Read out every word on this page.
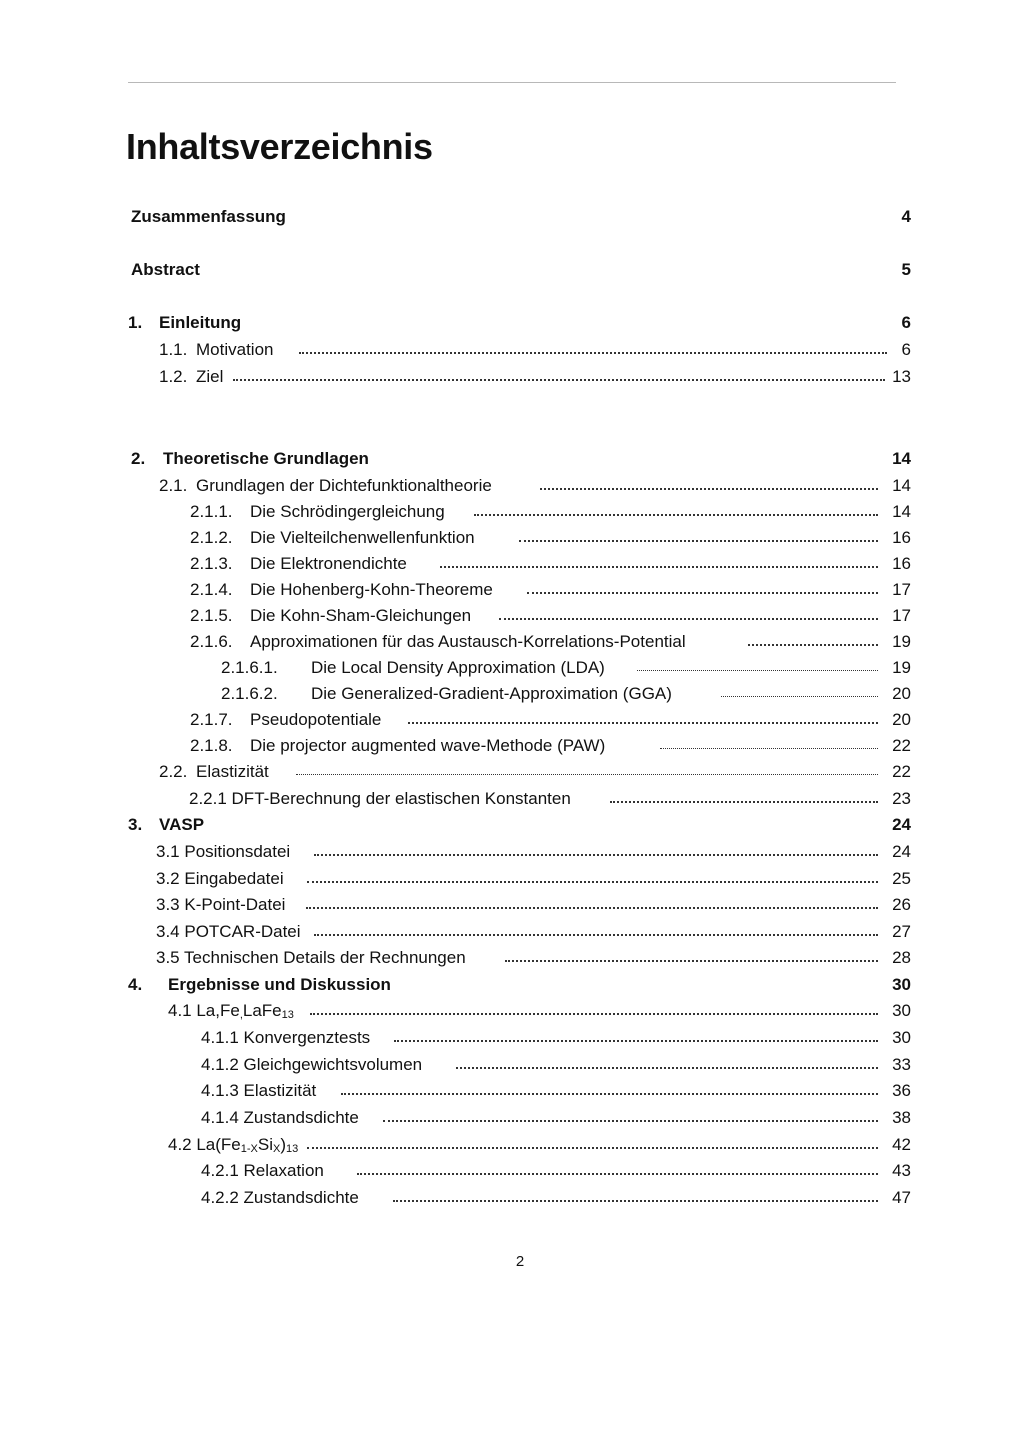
Inhaltsverzeichnis
Zusammenfassung	4
Abstract	5
1. Einleitung	6
1.1. Motivation	6
1.2. Ziel	13
2. Theoretische Grundlagen	14
2.1. Grundlagen der Dichtefunktionaltheorie	14
2.1.1. Die Schrödingergleichung	14
2.1.2. Die Vielteilchenwellenfunktion	16
2.1.3. Die Elektronendichte	16
2.1.4. Die Hohenberg-Kohn-Theoreme	17
2.1.5. Die Kohn-Sham-Gleichungen	17
2.1.6. Approximationen für das Austausch-Korrelations-Potential	19
2.1.6.1. Die Local Density Approximation (LDA)	19
2.1.6.2. Die Generalized-Gradient-Approximation (GGA)	20
2.1.7. Pseudopotentiale	20
2.1.8. Die projector augmented wave-Methode (PAW)	22
2.2. Elastizität	22
2.2.1 DFT-Berechnung der elastischen Konstanten	23
3. VASP	24
3.1 Positionsdatei	24
3.2 Eingabedatei	25
3.3 K-Point-Datei	26
3.4 POTCAR-Datei	27
3.5 Technischen Details der Rechnungen	28
4. Ergebnisse und Diskussion	30
4.1 $La,Fe_,LaFe_{13}$	30
4.1.1 Konvergenztests	30
4.1.2 Gleichgewichtsvolumen	33
4.1.3 Elastizität	36
4.1.4 Zustandsdichte	38
4.2 $La(Fe_{1-X}Si_X)_{13}$	42
4.2.1 Relaxation	43
4.2.2 Zustandsdichte	47
2
